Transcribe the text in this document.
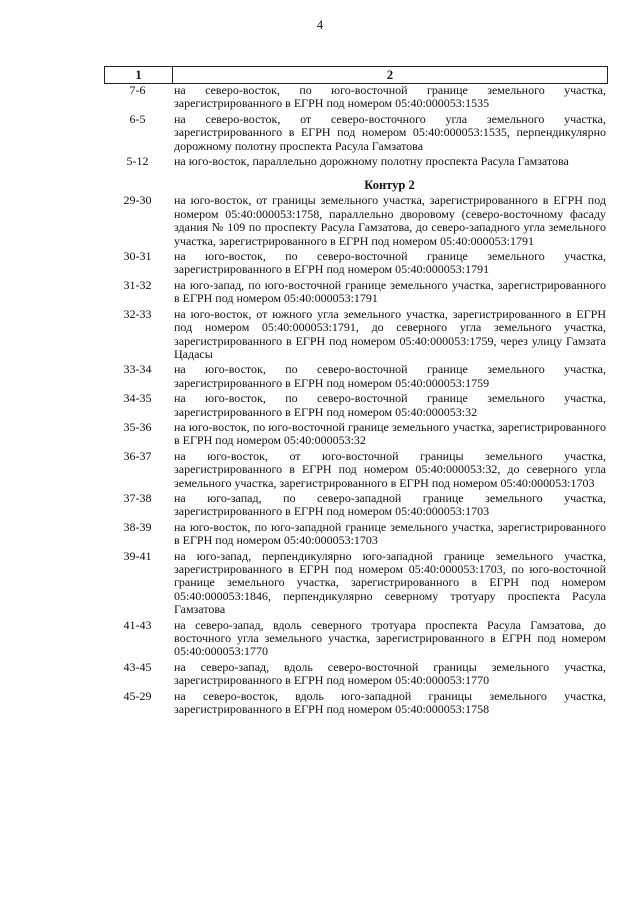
4
1	2
7-6	на северо-восток, по юго-восточной границе земельного участка, зарегистрированного в ЕГРН под номером 05:40:000053:1535
6-5	на северо-восток, от северо-восточного угла земельного участка, зарегистрированного в ЕГРН под номером 05:40:000053:1535, перпендикулярно дорожному полотну проспекта Расула Гамзатова
5-12	на юго-восток, параллельно дорожному полотну проспекта Расула Гамзатова
Контур 2
29-30	на юго-восток, от границы земельного участка, зарегистрированного в ЕГРН под номером 05:40:000053:1758, параллельно дворовому (северо-восточному фасаду здания № 109 по проспекту Расула Гамзатова, до северо-западного угла земельного участка, зарегистрированного в ЕГРН под номером 05:40:000053:1791
30-31	на юго-восток, по северо-восточной границе земельного участка, зарегистрированного в ЕГРН под номером 05:40:000053:1791
31-32	на юго-запад, по юго-восточной границе земельного участка, зарегистрированного в ЕГРН под номером 05:40:000053:1791
32-33	на юго-восток, от южного угла земельного участка, зарегистрированного в ЕГРН под номером 05:40:000053:1791, до северного угла земельного участка, зарегистрированного в ЕГРН под номером 05:40:000053:1759, через улицу Гамзата Цадасы
33-34	на юго-восток, по северо-восточной границе земельного участка, зарегистрированного в ЕГРН под номером 05:40:000053:1759
34-35	на юго-восток, по северо-восточной границе земельного участка, зарегистрированного в ЕГРН под номером 05:40:000053:32
35-36	на юго-восток, по юго-восточной границе земельного участка, зарегистрированного в ЕГРН под номером 05:40:000053:32
36-37	на юго-восток, от юго-восточной границы земельного участка, зарегистрированного в ЕГРН под номером 05:40:000053:32, до северного угла земельного участка, зарегистрированного в ЕГРН под номером 05:40:000053:1703
37-38	на юго-запад, по северо-западной границе земельного участка, зарегистрированного в ЕГРН под номером 05:40:000053:1703
38-39	на юго-восток, по юго-западной границе земельного участка, зарегистрированного в ЕГРН под номером 05:40:000053:1703
39-41	на юго-запад, перпендикулярно юго-западной границе земельного участка, зарегистрированного в ЕГРН под номером 05:40:000053:1703, по юго-восточной границе земельного участка, зарегистрированного в ЕГРН под номером 05:40:000053:1846, перпендикулярно северному тротуару проспекта Расула Гамзатова
41-43	на северо-запад, вдоль северного тротуара проспекта Расула Гамзатова, до восточного угла земельного участка, зарегистрированного в ЕГРН под номером 05:40:000053:1770
43-45	на северо-запад, вдоль северо-восточной границы земельного участка, зарегистрированного в ЕГРН под номером 05:40:000053:1770
45-29	на северо-восток, вдоль юго-западной границы земельного участка, зарегистрированного в ЕГРН под номером 05:40:000053:1758
